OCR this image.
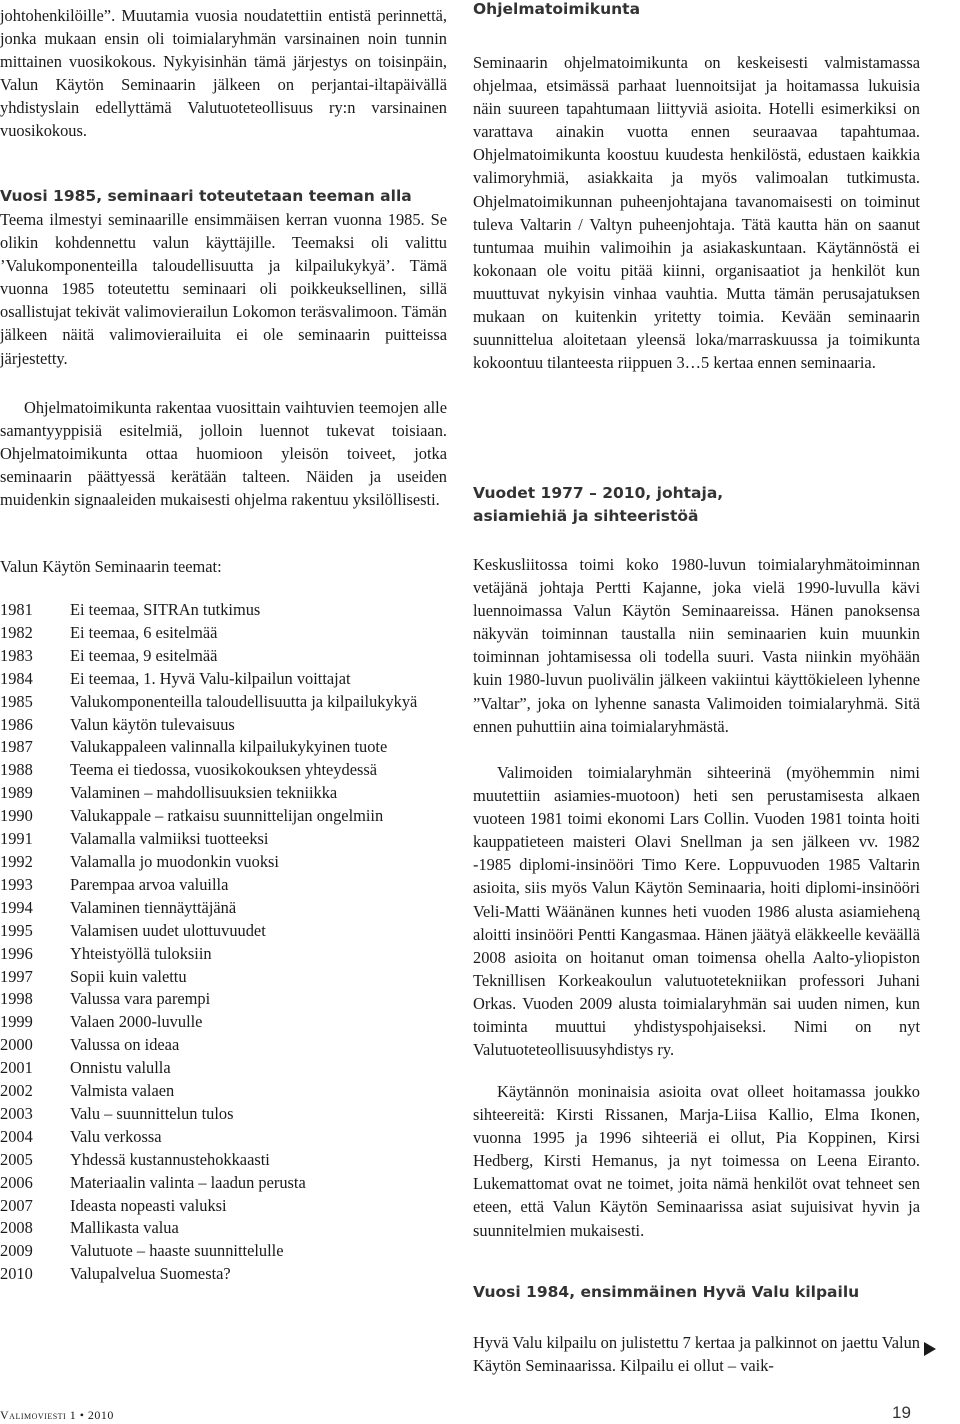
johtohenkilöille”. Muutamia vuosia noudatettiin entistä perinnettä, jonka mukaan ensin oli toimialaryhmän varsinainen noin tunnin mittainen vuosikokous. Nykyisinhän tämä järjestys on toisinpäin, Valun Käytön Seminaarin jälkeen on perjantai-iltapäivällä yhdistyslain edellyttämä Valutuoteteollisuus ry:n varsinainen vuosikokous.

Vuosi 1985, seminaari toteutetaan teeman alla

Teema ilmestyi seminaarille ensimmäisen kerran vuonna 1985. Se olikin kohdennettu valun käyttäjille. Teemaksi oli valittu ’Valukomponenteilla taloudellisuutta ja kilpailukykyä’. Tämä vuonna 1985 toteutettu seminaari oli poikkeuksellinen, sillä osallistujat tekivät valimovierailun Lokomon teräsvalimoon. Tämän jälkeen näitä valimovierailuita ei ole seminaarin puitteissa järjestetty.

Ohjelmatoimikunta rakentaa vuosittain vaihtuvien teemojen alle samantyyppisiä esitelmiä, jolloin luennot tukevat toisiaan. Ohjelmatoimikunta ottaa huomioon yleisön toiveet, jotka seminaarin päättyessä kerätään talteen. Näiden ja useiden muidenkin signaaleiden mukaisesti ohjelma rakentuu yksilöllisesti.

Valun Käytön Seminaarin teemat:

1981	Ei teemaa, SITRAn tutkimus
1982	Ei teemaa, 6 esitelmää
1983	Ei teemaa, 9 esitelmää
1984	Ei teemaa, 1. Hyvä Valu-kilpailun voittajat
1985	Valukomponenteilla taloudellisuutta ja kilpailukykyä
1986	Valun käytön tulevaisuus
1987	Valukappaleen valinnalla kilpailukykyinen tuote
1988	Teema ei tiedossa, vuosikokouksen yhteydessä
1989	Valaminen – mahdollisuuksien tekniikka
1990	Valukappale – ratkaisu suunnittelijan ongelmiin
1991	Valamalla valmiiksi tuotteeksi
1992	Valamalla jo muodonkin vuoksi
1993	Parempaa arvoa valuilla
1994	Valaminen tiennäyttäjänä
1995	Valamisen uudet ulottuvuudet
1996	Yhteistyöllä tuloksiin
1997	Sopii kuin valettu
1998	Valussa vara parempi
1999	Valaen 2000-luvulle
2000	Valussa on ideaa
2001	Onnistu valulla
2002	Valmista valaen
2003	Valu – suunnittelun tulos
2004	Valu verkossa
2005	Yhdessä kustannustehokkaasti
2006	Materiaalin valinta – laadun perusta
2007	Ideasta nopeasti valuksi
2008	Mallikasta valua
2009	Valutuote – haaste suunnittelulle
2010	Valupalvelua Suomesta?
Ohjelmatoimikunta

Seminaarin ohjelmatoimikunta on keskeisesti valmistamassa ohjelmaa, etsimässä parhaat luennoitsijat ja hoitamassa lukuisia näin suureen tapahtumaan liittyviä asioita. Hotelli esimerkiksi on varattava ainakin vuotta ennen seuraavaa tapahtumaa. Ohjelmatoimikunta koostuu kuudesta henkilöstä, edustaen kaikkia valimoryhmiä, asiakkaita ja myös valimoalan tutkimusta. Ohjelmatoimikunnan puheenjohtajana tavanomaisesti on toiminut tuleva Valtarin / Valtyn puheenjohtaja. Tätä kautta hän on saanut tuntumaa muihin valimoihin ja asiakaskuntaan. Käytännöstä ei kokonaan ole voitu pitää kiinni, organisaatiot ja henkilöt kun muuttuvat nykyisin vinhaa vauhtia. Mutta tämän perusajatuksen mukaan on kuitenkin yritetty toimia. Kevään seminaarin suunnittelua aloitetaan yleensä loka/marraskuussa ja toimikunta kokoontuu tilanteesta riippuen 3…5 kertaa ennen seminaaria.

Vuodet 1977 – 2010, johtaja,
asiamiehiä ja sihteeristöä

Keskusliitossa toimi koko 1980-luvun toimialaryhmätoiminnan vetäjänä johtaja Pertti Kajanne, joka vielä 1990-luvulla kävi luennoimassa Valun Käytön Seminaareissa. Hänen panoksensa näkyvän toiminnan taustalla niin seminaarien kuin muunkin toiminnan johtamisessa oli todella suuri. Vasta niinkin myöhään kuin 1980-luvun puolivälin jälkeen vakiintui käyttökieleen lyhenne ”Valtar”, joka on lyhenne sanasta Valimoiden toimialaryhmä. Sitä ennen puhuttiin aina toimialaryhmästä.

Valimoiden toimialaryhmän sihteerinä (myöhemmin nimi muutettiin asiamies-muotoon) heti sen perustamisesta alkaen vuoteen 1981 toimi ekonomi Lars Collin. Vuoden 1981 tointa hoiti kauppatieteen maisteri Olavi Snellman ja sen jälkeen vv. 1982 -1985 diplomi-insinööri Timo Kere. Loppuvuoden 1985 Valtarin asioita, siis myös Valun Käytön Seminaaria, hoiti diplomi-insinööri Veli-Matti Wäänänen kunnes heti vuoden 1986 alusta asiamieheną aloitti insinööri Pentti Kangasmaa. Hänen jäätyä eläkkeelle keväällä 2008 asioita on hoitanut oman toimensa ohella Aalto-yliopiston Teknillisen Korkeakoulun valutuotetekniikan professori Juhani Orkas. Vuoden 2009 alusta toimialaryhmän sai uuden nimen, kun toiminta muuttui yhdistyspohjaiseksi. Nimi on nyt Valutuoteteollisuusyhdistys ry.

Käytännön moninaisia asioita ovat olleet hoitamassa joukko sihteereitä: Kirsti Rissanen, Marja-Liisa Kallio, Elma Ikonen, vuonna 1995 ja 1996 sihteeriä ei ollut, Pia Koppinen, Kirsi Hedberg, Kirsti Hemanus, ja nyt toimessa on Leena Eiranto. Lukemattomat ovat ne toimet, joita nämä henkilöt ovat tehneet sen eteen, että Valun Käytön Seminaarissa asiat sujuisivat hyvin ja suunnitelmien mukaisesti.

Vuosi 1984, ensimmäinen Hyvä Valu kilpailu

Hyvä Valu kilpailu on julistettu 7 kertaa ja palkinnot on jaettu Valun Käytön Seminaarissa. Kilpailu ei ollut – vaik-

Valimoviesti 1 • 2010	19
